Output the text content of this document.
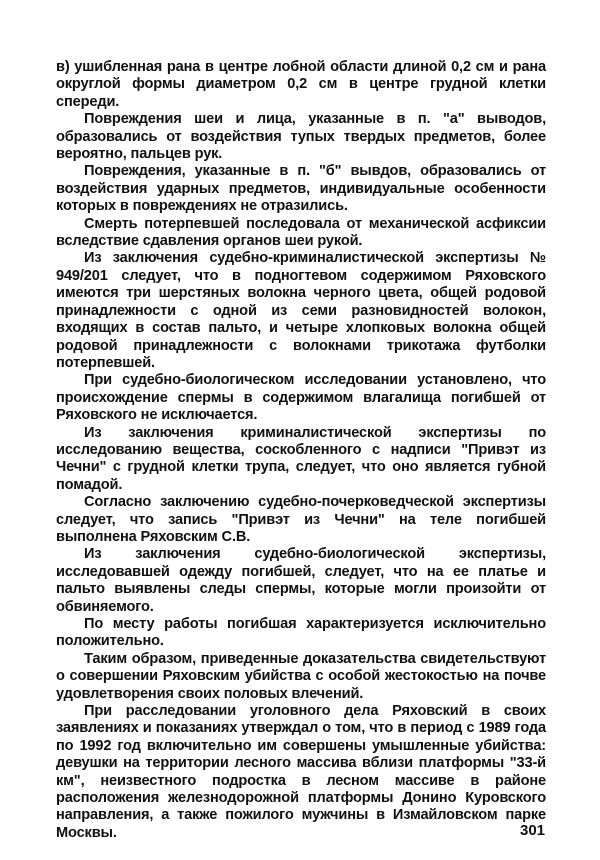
в) ушибленная рана в центре лобной области длиной 0,2 см и рана округлой формы диаметром 0,2 см в центре грудной клетки спереди.

Повреждения шеи и лица, указанные в п. "а" выводов, образовались от воздействия тупых твердых предметов, более вероятно, пальцев рук.

Повреждения, указанные в п. "б" вывдов, образовались от воздействия ударных предметов, индивидуальные особенности которых в повреждениях не отразились.

Смерть потерпевшей последовала от механической асфиксии вследствие сдавления органов шеи рукой.

Из заключения судебно-криминалистической экспертизы № 949/201 следует, что в подногтевом содержимом Ряховского имеются три шерстяных волокна черного цвета, общей родовой принадлежности с одной из семи разновидностей волокон, входящих в состав пальто, и четыре хлопковых волокна общей родовой принадлежности с волокнами трикотажа футболки потерпевшей.

При судебно-биологическом исследовании установлено, что происхождение спермы в содержимом влагалища погибшей от Ряховского не исключается.

Из заключения криминалистической экспертизы по исследованию вещества, соскобленного с надписи "Привэт из Чечни" с грудной клетки трупа, следует, что оно является губной помадой.

Согласно заключению судебно-почерковедческой экспертизы следует, что запись "Привэт из Чечни" на теле погибшей выполнена Ряховским С.В.

Из заключения судебно-биологической экспертизы, исследовавшей одежду погибшей, следует, что на ее платье и пальто выявлены следы спермы, которые могли произойти от обвиняемого.

По месту работы погибшая характеризуется исключительно положительно.

Таким образом, приведенные доказательства свидетельствуют о совершении Ряховским убийства с особой жестокостью на почве удовлетворения своих половых влечений.

При расследовании уголовного дела Ряховский в своих заявлениях и показаниях утверждал о том, что в период с 1989 года по 1992 год включительно им совершены умышленные убийства: девушки на территории лесного массива вблизи платформы "33-й км", неизвестного подростка в лесном массиве в районе расположения железнодорожной платформы Донино Куровского направления, а также пожилого мужчины в Измайловском парке Москвы.	301
